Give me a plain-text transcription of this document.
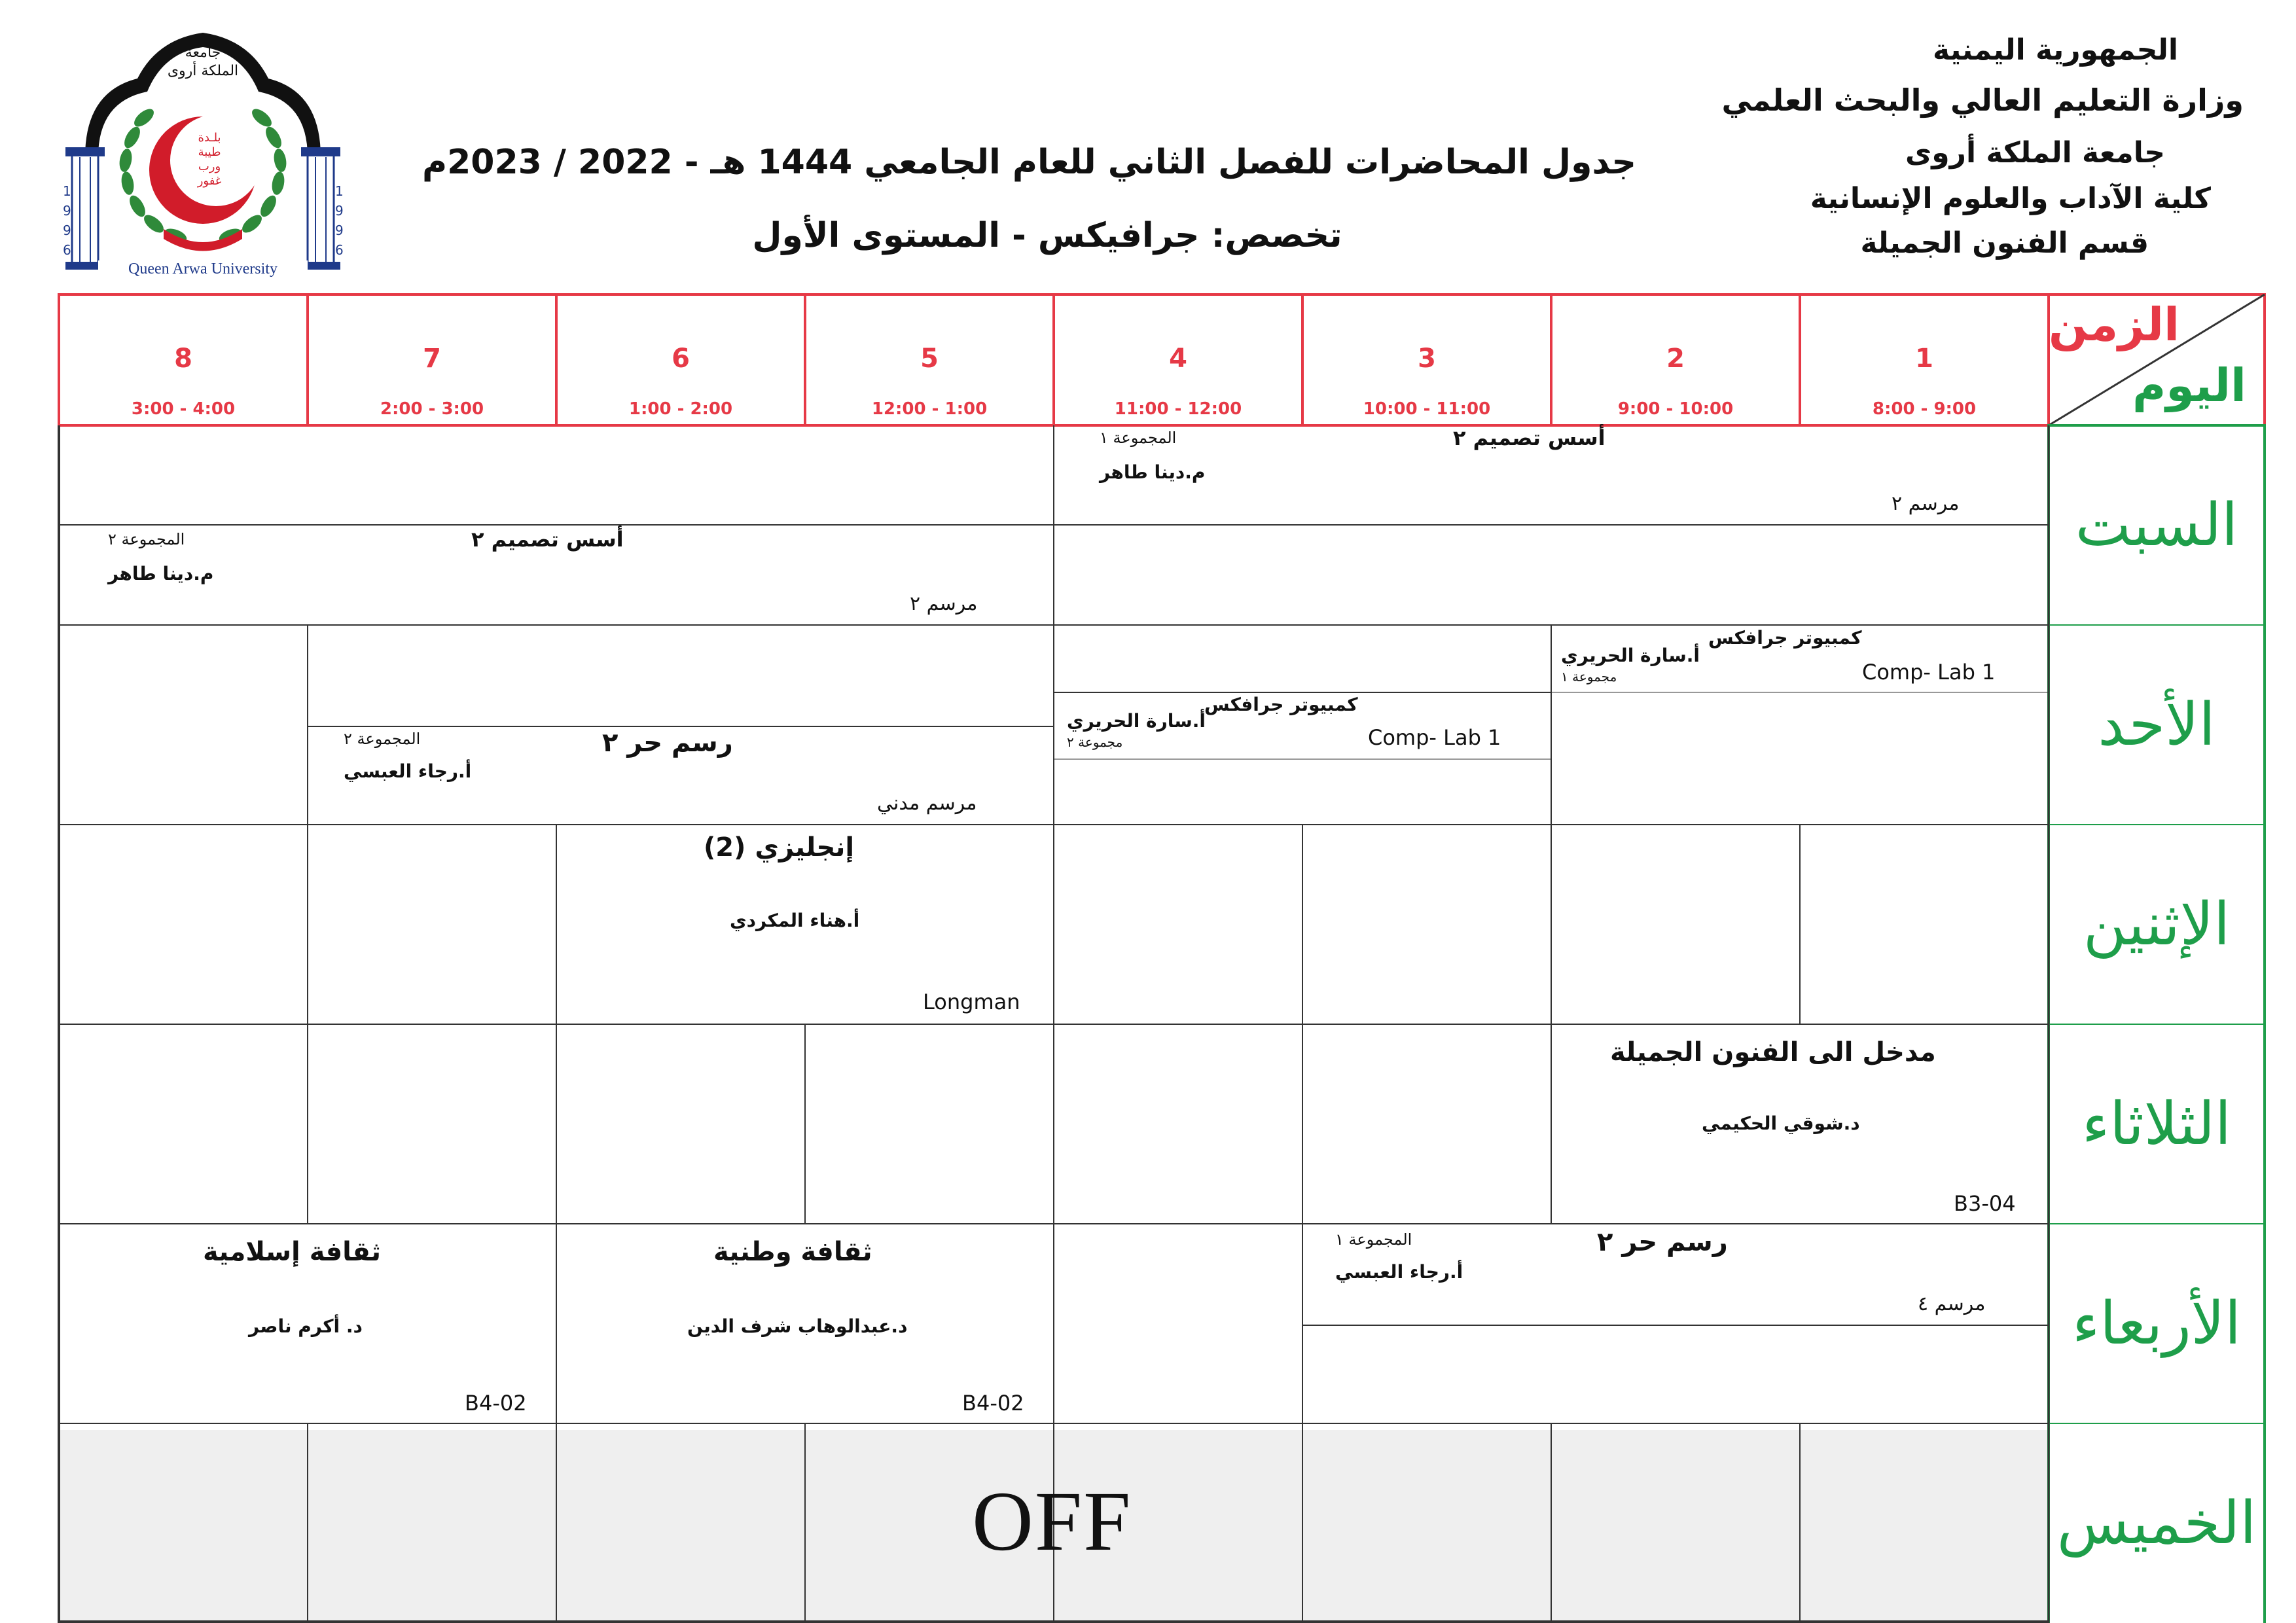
الجمهورية اليمنية
وزارة التعليم العالي والبحث العلمي
جامعة الملكة أروى
كلية الآداب والعلوم الإنسانية
قسم الفنون الجميلة
جدول المحاضرات للفصل الثاني للعام الجامعي 1444 هـ - 2022 / 2023م
تخصص: جرافيكس - المستوى الأول
جامعة
الملكة أروى
بلـدة
طيبة
ورب
غفور
1
9
9
6
1
9
9
6
Queen Arwa University
الزمن
اليوم
1
8:00 - 9:00
2
9:00 - 10:00
3
10:00 - 11:00
4
11:00 - 12:00
5
12:00 - 1:00
6
1:00 - 2:00
7
2:00 - 3:00
8
3:00 - 4:00
السبت
الأحد
الإثنين
الثلاثاء
الأربعاء
الخميس
أسس تصميم ٢
المجموعة ١
م.دينا طاهر
مرسم ٢
أسس تصميم ٢
المجموعة ٢
م.دينا طاهر
مرسم ٢
كمبيوتر جرافكس
أ.سارة الحريري
مجموعة ١	Comp- Lab 1
كمبيوتر جرافكس
أ.سارة الحريري
مجموعة ٢	Comp- Lab 1
رسم حر ٢
المجموعة ٢
أ.رجاء العبسي
مرسم مدني
إنجليزي (2)
أ.هناء المكردي
Longman
مدخل الى الفنون الجميلة
د.شوقي الحكيمي
B3-04
رسم حر ٢
المجموعة ١
أ.رجاء العبسي
مرسم ٤
ثقافة وطنية
د.عبدالوهاب شرف الدين
B4-02
ثقافة إسلامية
د. أكرم ناصر
B4-02
OFF
